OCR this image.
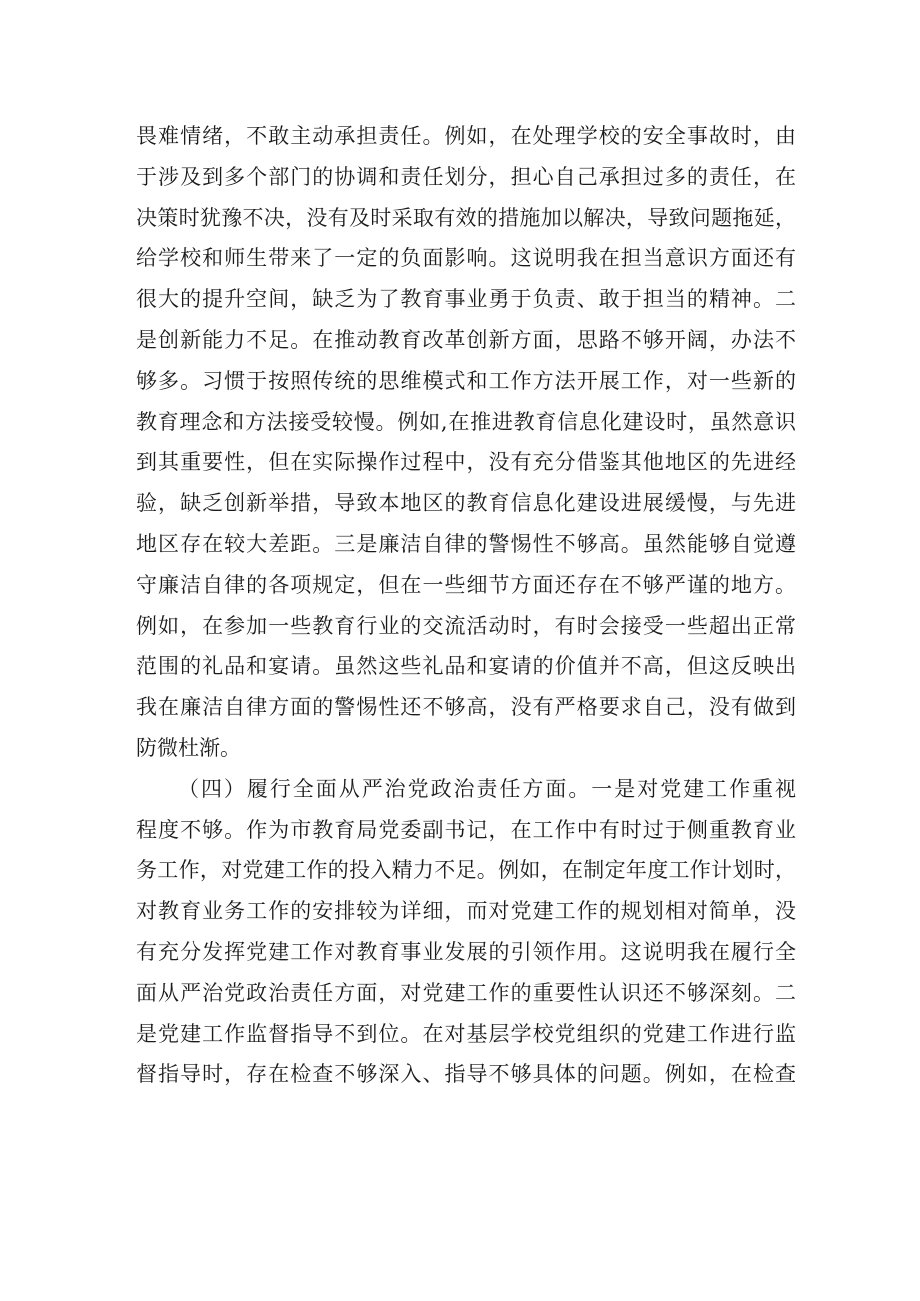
畏难情绪，不敢主动承担责任。例如，在处理学校的安全事故时，由
于涉及到多个部门的协调和责任划分，担心自己承担过多的责任，在
决策时犹豫不决，没有及时采取有效的措施加以解决，导致问题拖延，
给学校和师生带来了一定的负面影响。这说明我在担当意识方面还有
很大的提升空间，缺乏为了教育事业勇于负责、敢于担当的精神。二
是创新能力不足。在推动教育改革创新方面，思路不够开阔，办法不
够多。习惯于按照传统的思维模式和工作方法开展工作，对一些新的
教育理念和方法接受较慢。例如,在推进教育信息化建设时，虽然意识
到其重要性，但在实际操作过程中，没有充分借鉴其他地区的先进经
验，缺乏创新举措，导致本地区的教育信息化建设进展缓慢，与先进
地区存在较大差距。三是廉洁自律的警惕性不够高。虽然能够自觉遵
守廉洁自律的各项规定，但在一些细节方面还存在不够严谨的地方。
例如，在参加一些教育行业的交流活动时，有时会接受一些超出正常
范围的礼品和宴请。虽然这些礼品和宴请的价值并不高，但这反映出
我在廉洁自律方面的警惕性还不够高，没有严格要求自己，没有做到
防微杜渐。
（四）履行全面从严治党政治责任方面。一是对党建工作重视
程度不够。作为市教育局党委副书记，在工作中有时过于侧重教育业
务工作，对党建工作的投入精力不足。例如，在制定年度工作计划时，
对教育业务工作的安排较为详细，而对党建工作的规划相对简单，没
有充分发挥党建工作对教育事业发展的引领作用。这说明我在履行全
面从严治党政治责任方面，对党建工作的重要性认识还不够深刻。二
是党建工作监督指导不到位。在对基层学校党组织的党建工作进行监
督指导时，存在检查不够深入、指导不够具体的问题。例如，在检查
